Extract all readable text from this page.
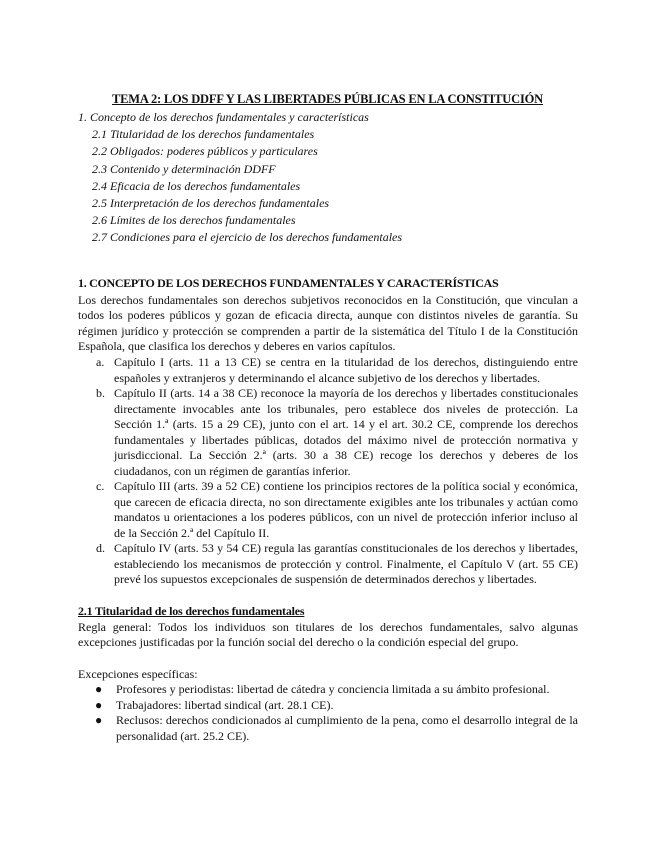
TEMA 2: LOS DDFF Y LAS LIBERTADES PÚBLICAS EN LA CONSTITUCIÓN
1. Concepto de los derechos fundamentales y características
2.1 Titularidad de los derechos fundamentales
2.2 Obligados: poderes públicos y particulares
2.3 Contenido y determinación DDFF
2.4 Eficacia de los derechos fundamentales
2.5 Interpretación de los derechos fundamentales
2.6 Límites de los derechos fundamentales
2.7 Condiciones para el ejercicio de los derechos fundamentales
1. CONCEPTO DE LOS DERECHOS FUNDAMENTALES Y CARACTERÍSTICAS
Los derechos fundamentales son derechos subjetivos reconocidos en la Constitución, que vinculan a todos los poderes públicos y gozan de eficacia directa, aunque con distintos niveles de garantía. Su régimen jurídico y protección se comprenden a partir de la sistemática del Título I de la Constitución Española, que clasifica los derechos y deberes en varios capítulos.
a. Capítulo I (arts. 11 a 13 CE) se centra en la titularidad de los derechos, distinguiendo entre españoles y extranjeros y determinando el alcance subjetivo de los derechos y libertades.
b. Capítulo II (arts. 14 a 38 CE) reconoce la mayoría de los derechos y libertades constitucionales directamente invocables ante los tribunales, pero establece dos niveles de protección. La Sección 1.ª (arts. 15 a 29 CE), junto con el art. 14 y el art. 30.2 CE, comprende los derechos fundamentales y libertades públicas, dotados del máximo nivel de protección normativa y jurisdiccional. La Sección 2.ª (arts. 30 a 38 CE) recoge los derechos y deberes de los ciudadanos, con un régimen de garantías inferior.
c. Capítulo III (arts. 39 a 52 CE) contiene los principios rectores de la política social y económica, que carecen de eficacia directa, no son directamente exigibles ante los tribunales y actúan como mandatos u orientaciones a los poderes públicos, con un nivel de protección inferior incluso al de la Sección 2.ª del Capítulo II.
d. Capítulo IV (arts. 53 y 54 CE) regula las garantías constitucionales de los derechos y libertades, estableciendo los mecanismos de protección y control. Finalmente, el Capítulo V (art. 55 CE) prevé los supuestos excepcionales de suspensión de determinados derechos y libertades.
2.1 Titularidad de los derechos fundamentales
Regla general: Todos los individuos son titulares de los derechos fundamentales, salvo algunas excepciones justificadas por la función social del derecho o la condición especial del grupo.
Excepciones específicas:
● Profesores y periodistas: libertad de cátedra y conciencia limitada a su ámbito profesional.
● Trabajadores: libertad sindical (art. 28.1 CE).
● Reclusos: derechos condicionados al cumplimiento de la pena, como el desarrollo integral de la personalidad (art. 25.2 CE).
